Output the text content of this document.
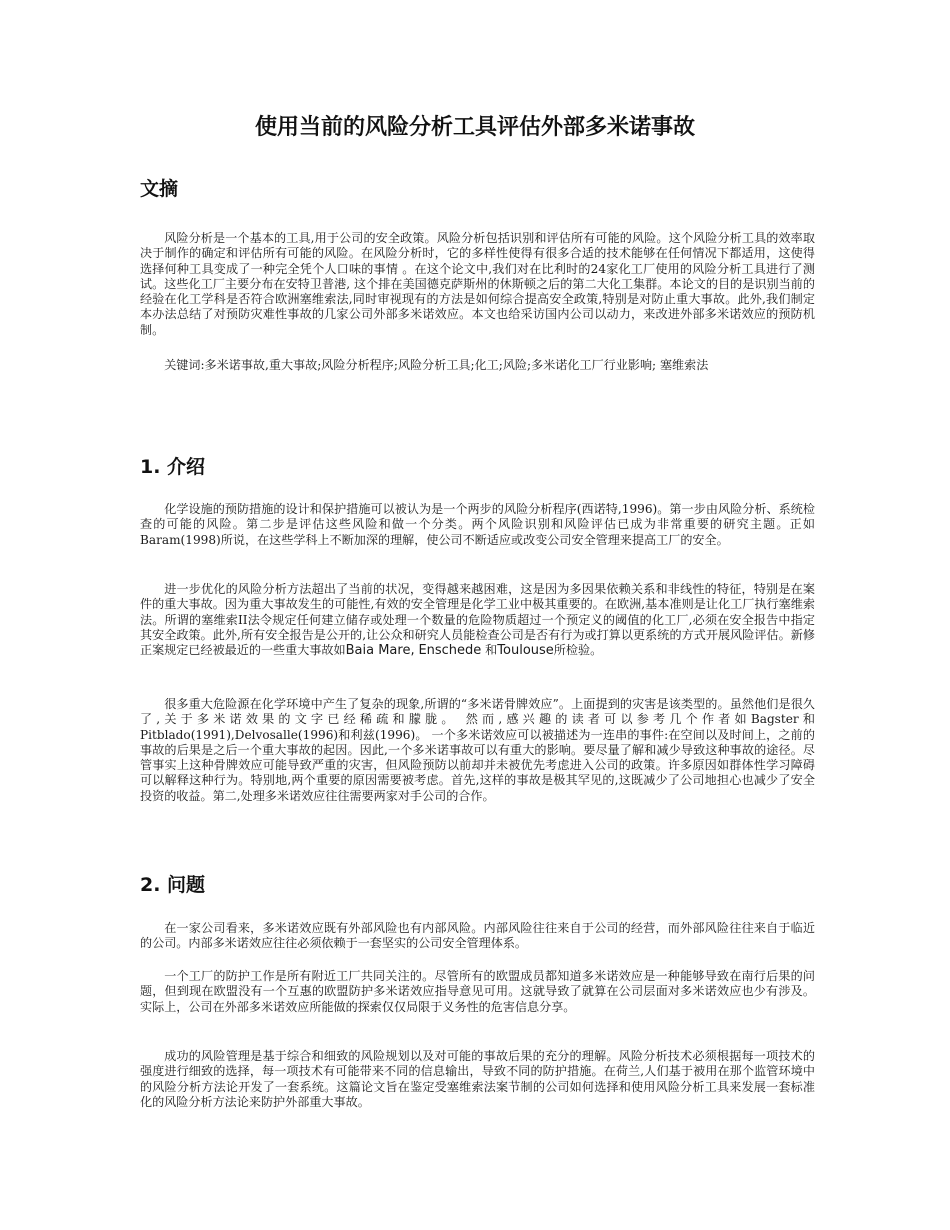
使用当前的风险分析工具评估外部多米诺事故
文摘

风险分析是一个基本的工具,用于公司的安全政策。风险分析包括识别和评估所有可能的风险。这个风险分析工具的效率取决于制作的确定和评估所有可能的风险。在风险分析时，它的多样性使得有很多合适的技术能够在任何情况下都适用，这使得选择何种工具变成了一种完全凭个人口味的事情 。在这个论文中,我们对在比利时的24家化工厂使用的风险分析工具进行了测试。这些化工厂主要分布在安特卫普港, 这个排在美国德克萨斯州的休斯顿之后的第二大化工集群。本论文的目的是识别当前的经验在化工学科是否符合欧洲塞维索法,同时审视现有的方法是如何综合提高安全政策,特别是对防止重大事故。此外,我们制定本办法总结了对预防灾难性事故的几家公司外部多米诺效应。本文也给采访国内公司以动力，来改进外部多米诺效应的预防机制。

关键词:多米诺事故,重大事故;风险分析程序;风险分析工具;化工;风险;多米诺化工厂行业影响; 塞维索法

1. 介绍

化学设施的预防措施的设计和保护措施可以被认为是一个两步的风险分析程序(西诺特,1996)。第一步由风险分析、系统检查的可能的风险。第二步是评估这些风险和做一个分类。两个风险识别和风险评估已成为非常重要的研究主题。正如Baram(1998)所说，在这些学科上不断加深的理解，使公司不断适应或改变公司安全管理来提高工厂的安全。

进一步优化的风险分析方法超出了当前的状况，变得越来越困难，这是因为多因果依赖关系和非线性的特征，特别是在案件的重大事故。因为重大事故发生的可能性,有效的安全管理是化学工业中极其重要的。在欧洲,基本准则是让化工厂执行塞维索法。所谓的塞维索II法令规定任何建立储存或处理一个数量的危险物质超过一个预定义的阈值的化工厂,必须在安全报告中指定其安全政策。此外,所有安全报告是公开的,让公众和研究人员能检查公司是否有行为或打算以更系统的方式开展风险评估。新修正案规定已经被最近的一些重大事故如Baia Mare, Enschede 和Toulouse所检验。

很多重大危险源在化学环境中产生了复杂的现象,所谓的“多米诺骨牌效应”。上面提到的灾害是该类型的。虽然他们是很久了,关于多米诺效果的文字已经稀疏和朦胧。 然而,感兴趣的读者可以参考几个作者如Bagster和Pitblado(1991),Delvosalle(1996)和利兹(1996)。 一个多米诺效应可以被描述为一连串的事件:在空间以及时间上，之前的事故的后果是之后一个重大事故的起因。因此,一个多米诺事故可以有重大的影响。要尽量了解和减少导致这种事故的途径。尽管事实上这种骨牌效应可能导致严重的灾害，但风险预防以前却并未被优先考虑进入公司的政策。许多原因如群体性学习障碍可以解释这种行为。特别地,两个重要的原因需要被考虑。首先,这样的事故是极其罕见的,这既减少了公司地担心也减少了安全投资的收益。第二,处理多米诺效应往往需要两家对手公司的合作。

2. 问题

在一家公司看来，多米诺效应既有外部风险也有内部风险。内部风险往往来自于公司的经营，而外部风险往往来自于临近的公司。内部多米诺效应往往必须依赖于一套坚实的公司安全管理体系。

一个工厂的防护工作是所有附近工厂共同关注的。尽管所有的欧盟成员都知道多米诺效应是一种能够导致在南行后果的问题，但到现在欧盟没有一个互惠的欧盟防护多米诺效应指导意见可用。这就导致了就算在公司层面对多米诺效应也少有涉及。实际上，公司在外部多米诺效应所能做的探索仅仅局限于义务性的危害信息分享。

成功的风险管理是基于综合和细致的风险规划以及对可能的事故后果的充分的理解。风险分析技术必须根据每一项技术的强度进行细致的选择，每一项技术有可能带来不同的信息输出，导致不同的防护措施。在荷兰,人们基于被用在那个监管环境中的风险分析方法论开发了一套系统。这篇论文旨在鉴定受塞维索法案节制的公司如何选择和使用风险分析工具来发展一套标准化的风险分析方法论来防护外部重大事故。
